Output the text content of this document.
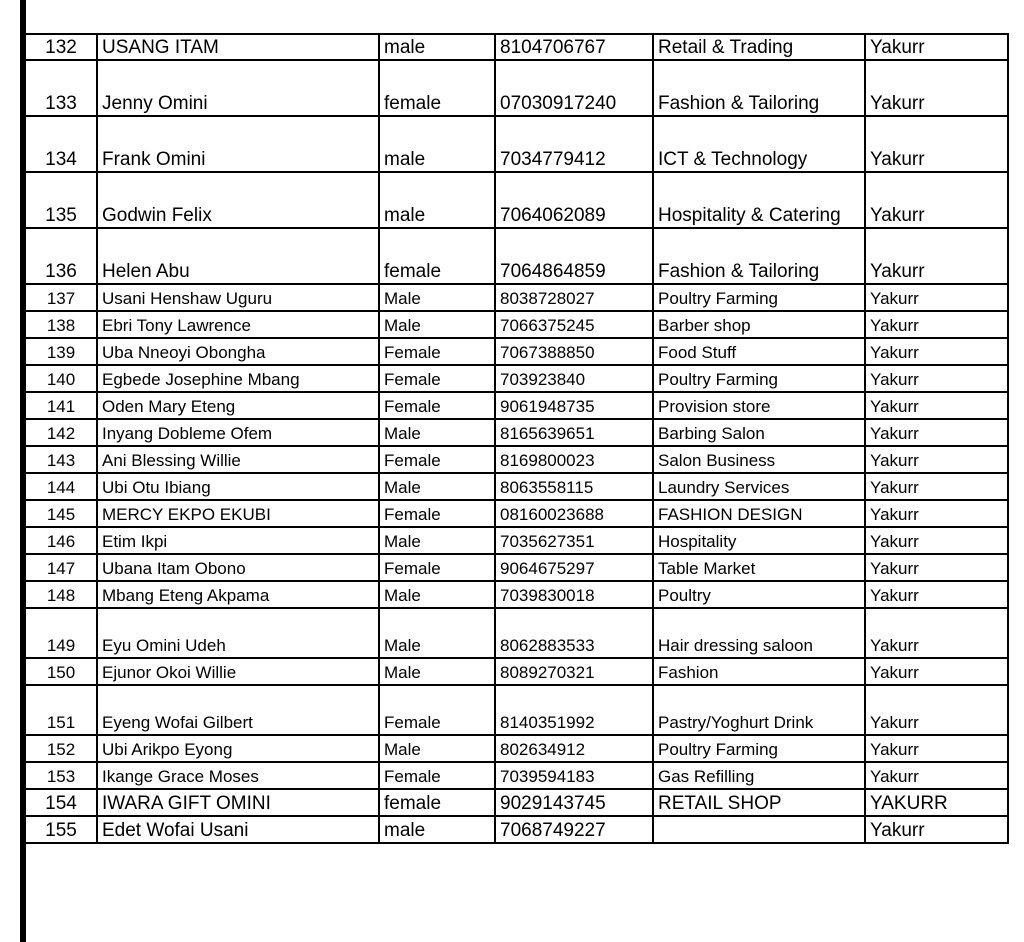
132	USANG ITAM	male	8104706767	Retail & Trading	Yakurr
133	Jenny Omini	female	07030917240	Fashion & Tailoring	Yakurr
134	Frank Omini	male	7034779412	ICT & Technology	Yakurr
135	Godwin Felix	male	7064062089	Hospitality & Catering	Yakurr
136	Helen Abu	female	7064864859	Fashion & Tailoring	Yakurr
137	Usani Henshaw Uguru	Male	8038728027	Poultry Farming	Yakurr
138	Ebri Tony Lawrence	Male	7066375245	Barber shop	Yakurr
139	Uba Nneoyi Obongha	Female	7067388850	Food Stuff	Yakurr
140	Egbede Josephine Mbang	Female	703923840	Poultry Farming	Yakurr
141	Oden Mary Eteng	Female	9061948735	Provision store	Yakurr
142	Inyang Dobleme Ofem	Male	8165639651	Barbing Salon	Yakurr
143	Ani Blessing Willie	Female	8169800023	Salon Business	Yakurr
144	Ubi Otu Ibiang	Male	8063558115	Laundry Services	Yakurr
145	MERCY EKPO EKUBI	Female	08160023688	FASHION DESIGN	Yakurr
146	Etim Ikpi	Male	7035627351	Hospitality	Yakurr
147	Ubana Itam Obono	Female	9064675297	Table Market	Yakurr
148	Mbang Eteng Akpama	Male	7039830018	Poultry	Yakurr
149	Eyu Omini Udeh	Male	8062883533	Hair dressing saloon	Yakurr
150	Ejunor Okoi Willie	Male	8089270321	Fashion	Yakurr
151	Eyeng Wofai Gilbert	Female	8140351992	Pastry/Yoghurt Drink	Yakurr
152	Ubi Arikpo Eyong	Male	802634912	Poultry Farming	Yakurr
153	Ikange Grace Moses	Female	7039594183	Gas Refilling	Yakurr
154	IWARA GIFT OMINI	female	9029143745	RETAIL SHOP	YAKURR
155	Edet Wofai Usani	male	7068749227		Yakurr
